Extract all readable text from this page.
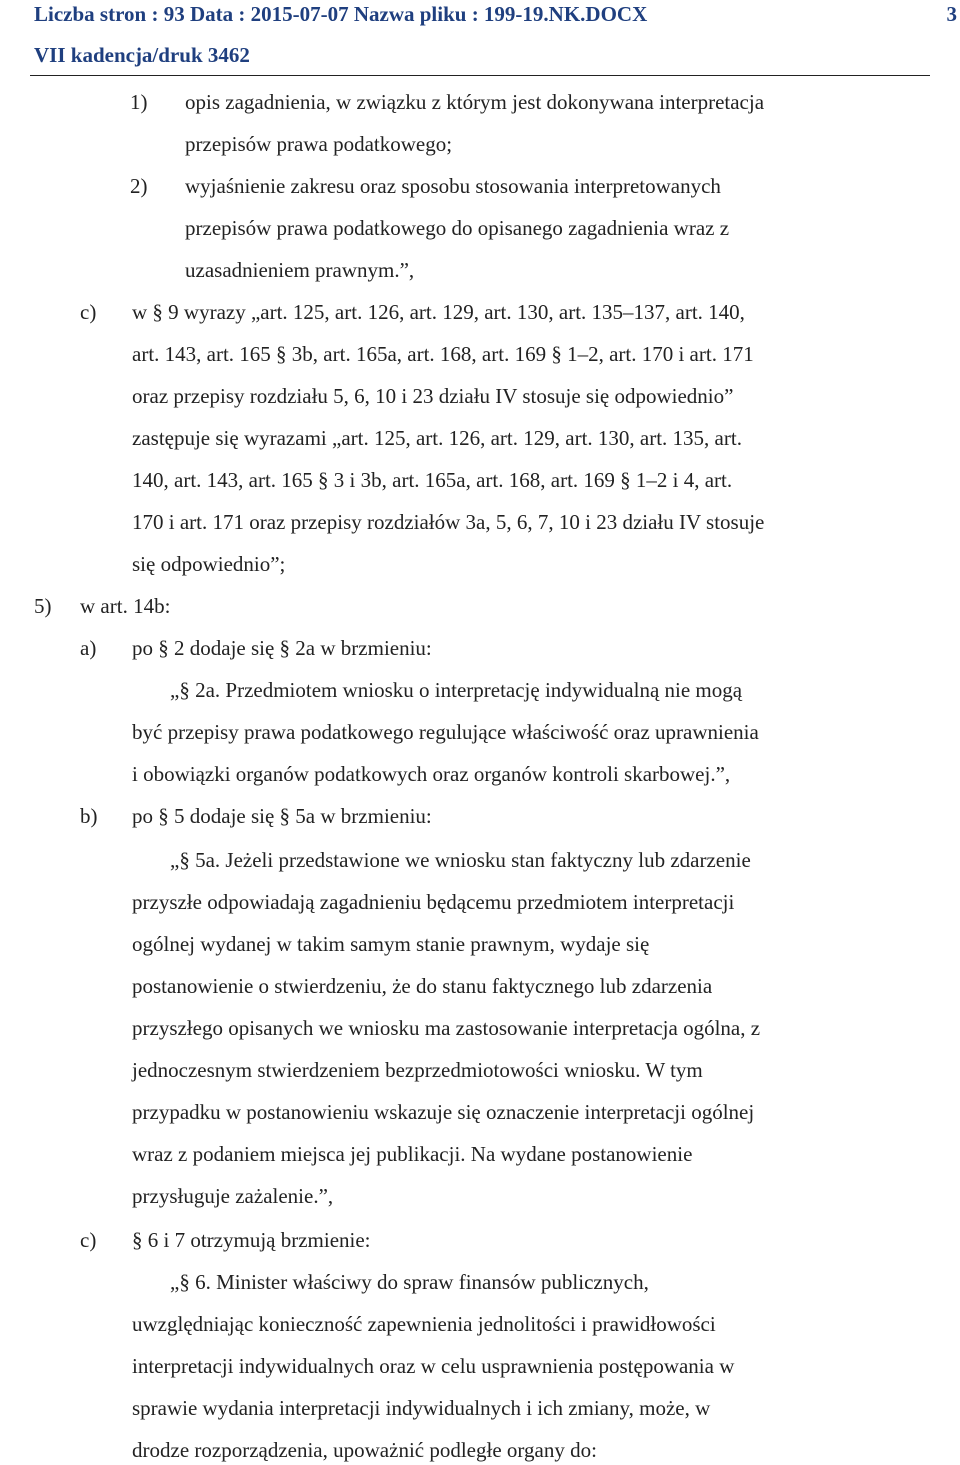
Liczba stron : 93 Data : 2015-07-07 Nazwa pliku : 199-19.NK.DOCX	3
VII kadencja/druk 3462
1) opis zagadnienia, w związku z którym jest dokonywana interpretacja
przepisów prawa podatkowego;
2) wyjaśnienie zakresu oraz sposobu stosowania interpretowanych
przepisów prawa podatkowego do opisanego zagadnienia wraz z
uzasadnieniem prawnym.”,
c) w § 9 wyrazy „art. 125, art. 126, art. 129, art. 130, art. 135–137, art. 140,
art. 143, art. 165 § 3b, art. 165a, art. 168, art. 169 § 1–2, art. 170 i art. 171
oraz przepisy rozdziału 5, 6, 10 i 23 działu IV stosuje się odpowiednio”
zastępuje się wyrazami „art. 125, art. 126, art. 129, art. 130, art. 135, art.
140, art. 143, art. 165 § 3 i 3b, art. 165a, art. 168, art. 169 § 1–2 i 4, art.
170 i art. 171 oraz przepisy rozdziałów 3a, 5, 6, 7, 10 i 23 działu IV stosuje
się odpowiednio”;
5) w art. 14b:
a) po § 2 dodaje się § 2a w brzmieniu:
„§ 2a. Przedmiotem wniosku o interpretację indywidualną nie mogą
być przepisy prawa podatkowego regulujące właściwość oraz uprawnienia
i obowiązki organów podatkowych oraz organów kontroli skarbowej.”,
b) po § 5 dodaje się § 5a w brzmieniu:
„§ 5a. Jeżeli przedstawione we wniosku stan faktyczny lub zdarzenie
przyszłe odpowiadają zagadnieniu będącemu przedmiotem interpretacji
ogólnej wydanej w takim samym stanie prawnym, wydaje się
postanowienie o stwierdzeniu, że do stanu faktycznego lub zdarzenia
przyszłego opisanych we wniosku ma zastosowanie interpretacja ogólna, z
jednoczesnym stwierdzeniem bezprzedmiotowości wniosku. W tym
przypadku w postanowieniu wskazuje się oznaczenie interpretacji ogólnej
wraz z podaniem miejsca jej publikacji. Na wydane postanowienie
przysługuje zażalenie.”,
c) § 6 i 7 otrzymują brzmienie:
„§ 6. Minister właściwy do spraw finansów publicznych,
uwzględniając konieczność zapewnienia jednolitości i prawidłowości
interpretacji indywidualnych oraz w celu usprawnienia postępowania w
sprawie wydania interpretacji indywidualnych i ich zmiany, może, w
drodze rozporządzenia, upoważnić podległe organy do:
